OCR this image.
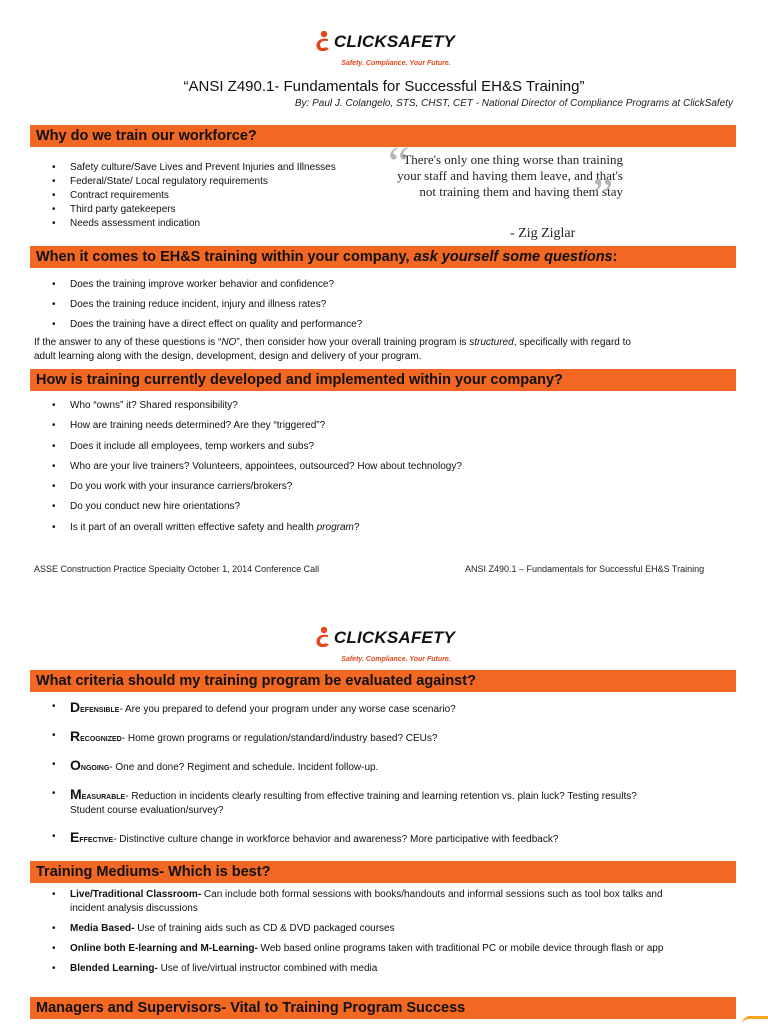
CLICKSAFETY
Safety. Compliance. Your Future.
“ANSI Z490.1- Fundamentals for Successful EH&S Training”
By: Paul J. Colangelo, STS, CHST, CET - National Director of Compliance Programs at ClickSafety
Why do we train our workforce?
• Safety culture/Save Lives and Prevent Injuries and Illnesses
• Federal/State/ Local regulatory requirements
• Contract requirements
• Third party gatekeepers
• Needs assessment indication
“
There's only one thing worse than training
your staff and having them leave, and that's
not training them and having them stay
”
- Zig Ziglar
When it comes to EH&S training within your company, ask yourself some questions:
• Does the training improve worker behavior and confidence?
• Does the training reduce incident, injury and illness rates?
• Does the training have a direct effect on quality and performance?
If the answer to any of these questions is “NO”, then consider how your overall training program is structured, specifically with regard to
adult learning along with the design, development, design and delivery of your program.
How is training currently developed and implemented within your company?
• Who “owns” it? Shared responsibility?
• How are training needs determined? Are they “triggered”?
• Does it include all employees, temp workers and subs?
• Who are your live trainers? Volunteers, appointees, outsourced? How about technology?
• Do you work with your insurance carriers/brokers?
• Do you conduct new hire orientations?
• Is it part of an overall written effective safety and health program?
ASSE Construction Practice Specialty October 1, 2014 Conference Call	ANSI Z490.1 – Fundamentals for Successful EH&S Training
CLICKSAFETY
Safety. Compliance. Your Future.
What criteria should my training program be evaluated against?
• Defensible- Are you prepared to defend your program under any worse case scenario?
• Recognized- Home grown programs or regulation/standard/industry based? CEUs?
• Ongoing- One and done? Regiment and schedule. Incident follow-up.
• Measurable- Reduction in incidents clearly resulting from effective training and learning retention vs. plain luck? Testing results?
Student course evaluation/survey?
• Effective- Distinctive culture change in workforce behavior and awareness? More participative with feedback?
Training Mediums- Which is best?
• Live/Traditional Classroom- Can include both formal sessions with books/handouts and informal sessions such as tool box talks and
incident analysis discussions
• Media Based- Use of training aids such as CD & DVD packaged courses
• Online both E-learning and M-Learning- Web based online programs taken with traditional PC or mobile device through flash or app
• Blended Learning- Use of live/virtual instructor combined with media
Managers and Supervisors- Vital to Training Program Success
